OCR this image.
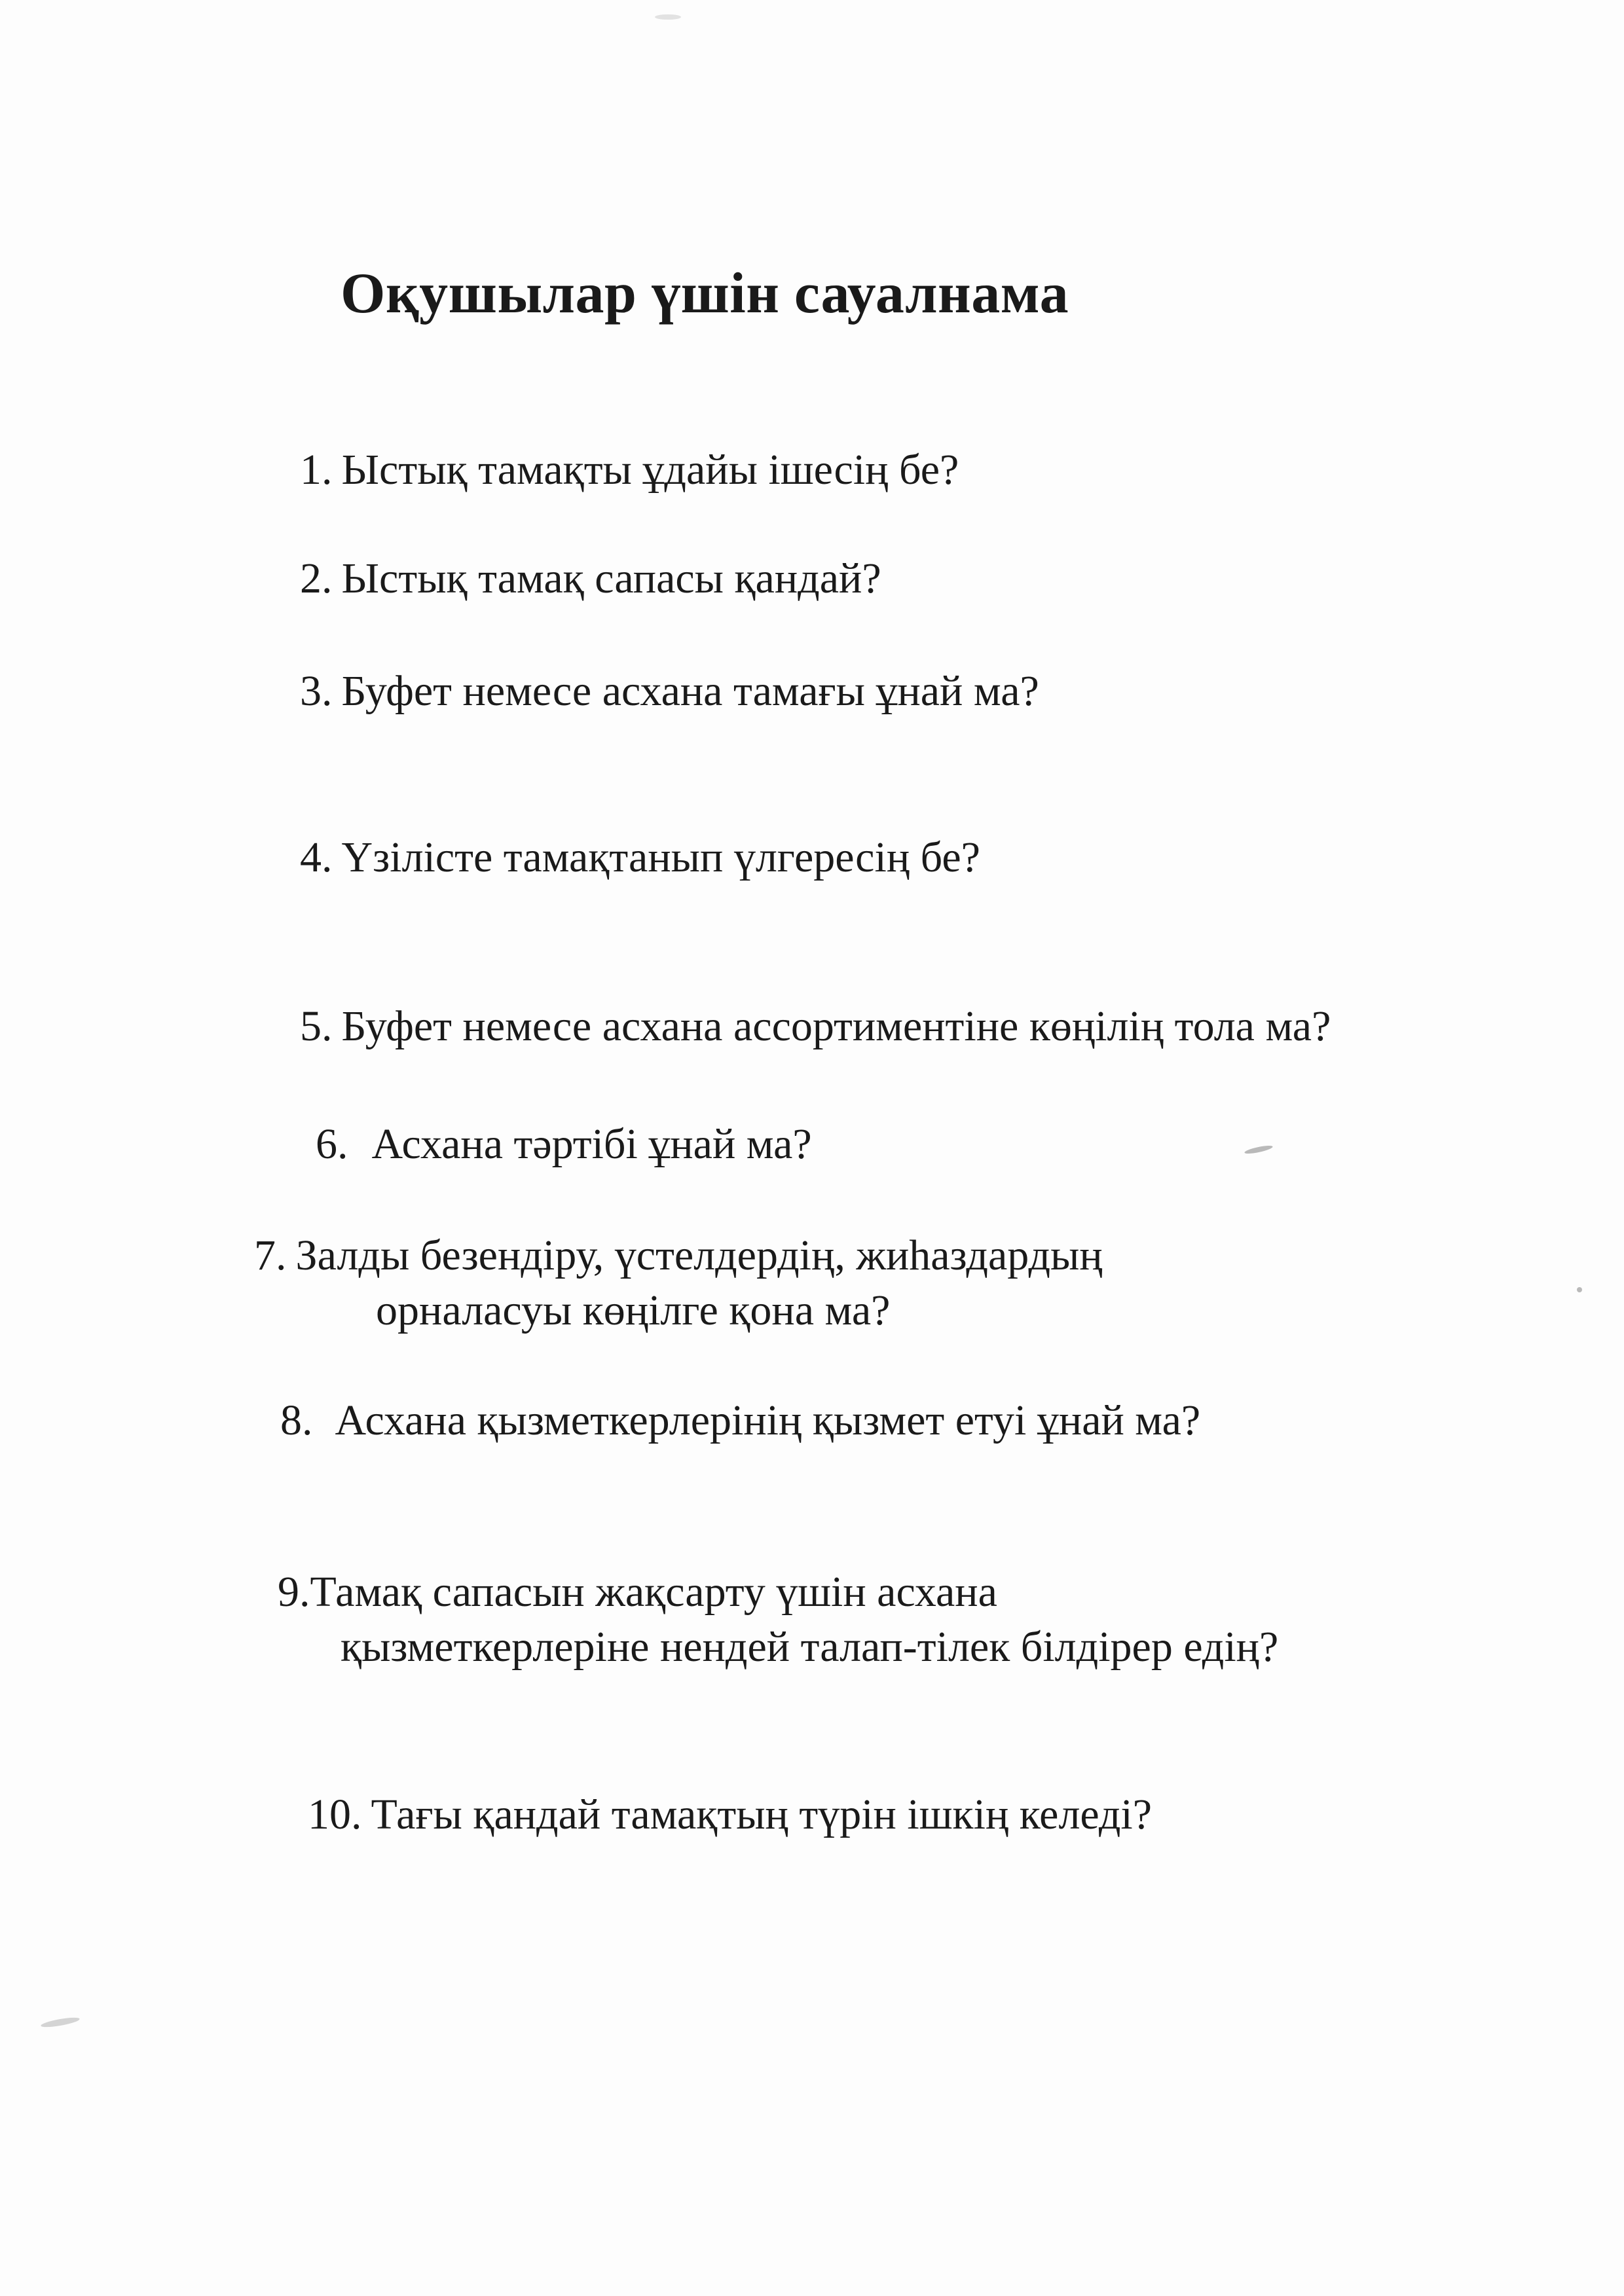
Оқушылар үшін сауалнама
1. Ыстық тамақты ұдайы ішесің бе?
2. Ыстық тамақ сапасы қандай?
3. Буфет немесе асхана тамағы ұнай ма?
4. Үзілісте тамақтанып үлгересің бе?
5. Буфет немесе асхана ассортиментіне көңілің тола ма?
6. Асхана тәртібі ұнай ма?
7. Залды безендіру, үстелдердің, жиһаздардың
орналасуы көңілге қона ма?
8. Асхана қызметкерлерінің қызмет етуі ұнай ма?
9.Тамақ сапасын жақсарту үшін асхана
қызметкерлеріне нендей талап-тілек білдірер едің?
10. Тағы қандай тамақтың түрін ішкің келеді?
